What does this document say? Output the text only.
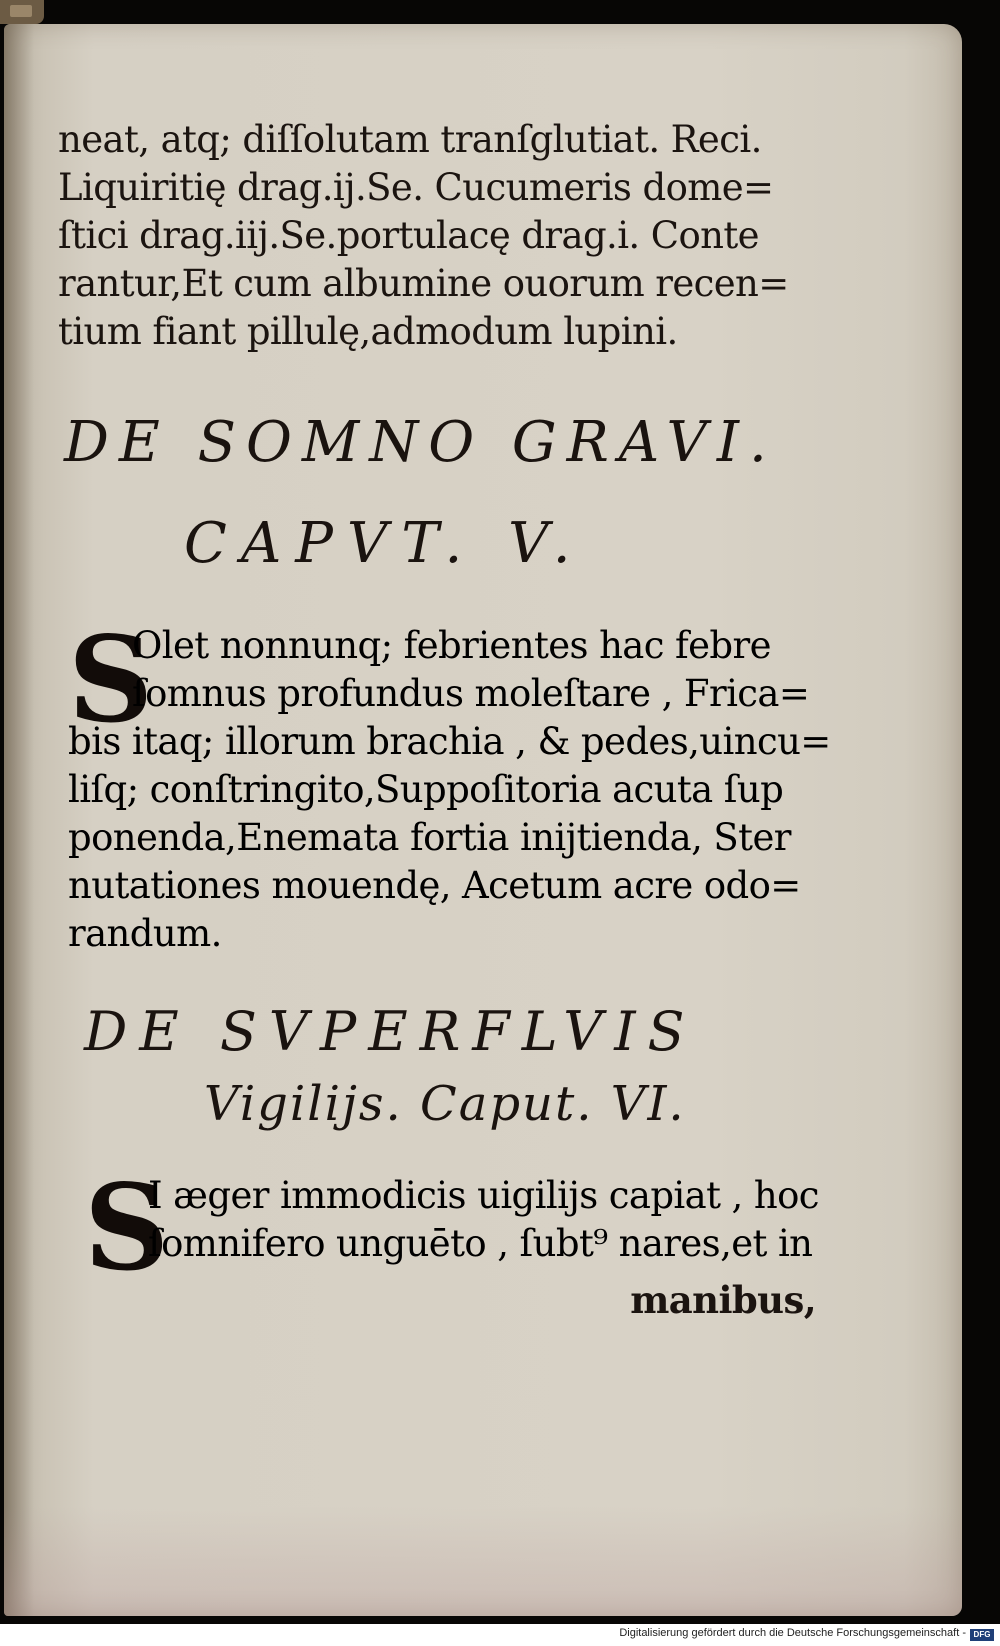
neat, atq; diſſolutam tranſglutiat. Reci.
Liquiritię drag.ij.Se. Cucumeris dome=
ſtici drag.iij.Se.portulacę drag.i. Conte
rantur,Et cum albumine ouorum recen=
tium fiant pillulę,admodum lupini.
DE SOMNO GRAVI.
CAPVT. V.
S
Olet nonnunq; febrientes hac febre
ſomnus profundus moleſtare , Frica=
bis itaq; illorum brachia , & pedes,uincu=
liſq; conſtringito,Suppoſitoria acuta ſup
ponenda,Enemata fortia inijtienda, Ster
nutationes mouendę, Acetum acre odo=
randum.
DE SVPERFLVIS
Vigilijs. Caput. VI.
S
I æger immodicis uigilijs capiat , hoc
ſomnifero unguēto , ſubt⁹ nares,et in
manibus,
Digitalisierung gefördert durch die Deutsche Forschungsgemeinschaft - DFG
